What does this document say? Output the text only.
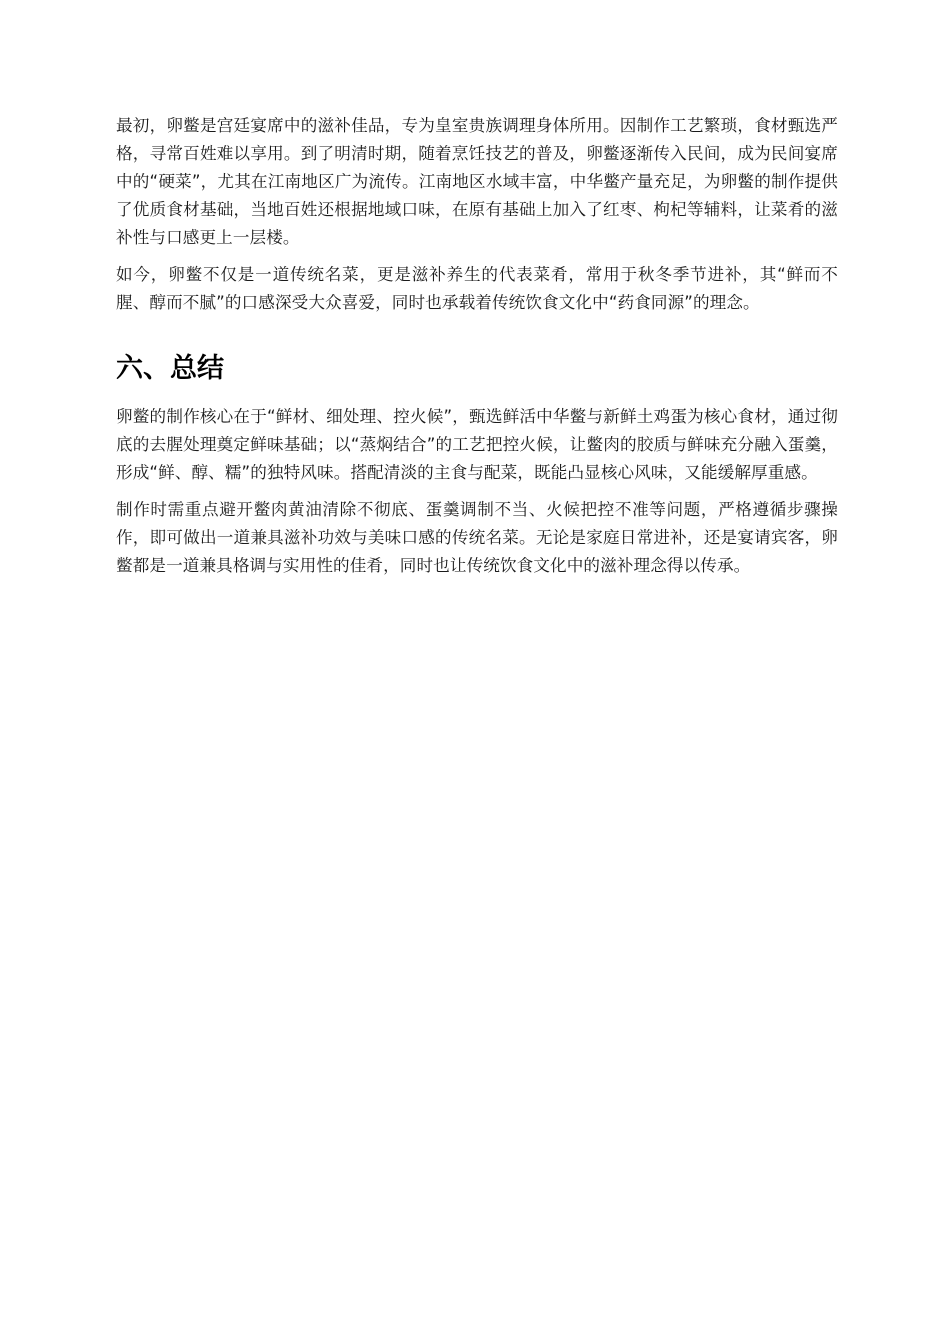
最初，卵鳖是宫廷宴席中的滋补佳品，专为皇室贵族调理身体所用。因制作工艺繁琐，食材甄选严格，寻常百姓难以享用。到了明清时期，随着烹饪技艺的普及，卵鳖逐渐传入民间，成为民间宴席中的“硬菜”，尤其在江南地区广为流传。江南地区水域丰富，中华鳖产量充足，为卵鳖的制作提供了优质食材基础，当地百姓还根据地域口味，在原有基础上加入了红枣、枸杞等辅料，让菜肴的滋补性与口感更上一层楼。

如今，卵鳖不仅是一道传统名菜，更是滋补养生的代表菜肴，常用于秋冬季节进补，其“鲜而不腥、醇而不腻”的口感深受大众喜爱，同时也承载着传统饮食文化中“药食同源”的理念。

六、总结

卵鳖的制作核心在于“鲜材、细处理、控火候”，甄选鲜活中华鳖与新鲜土鸡蛋为核心食材，通过彻底的去腥处理奠定鲜味基础；以“蒸焖结合”的工艺把控火候，让鳖肉的胶质与鲜味充分融入蛋羹，形成“鲜、醇、糯”的独特风味。搭配清淡的主食与配菜，既能凸显核心风味，又能缓解厚重感。

制作时需重点避开鳖肉黄油清除不彻底、蛋羹调制不当、火候把控不准等问题，严格遵循步骤操作，即可做出一道兼具滋补功效与美味口感的传统名菜。无论是家庭日常进补，还是宴请宾客，卵鳖都是一道兼具格调与实用性的佳肴，同时也让传统饮食文化中的滋补理念得以传承。
